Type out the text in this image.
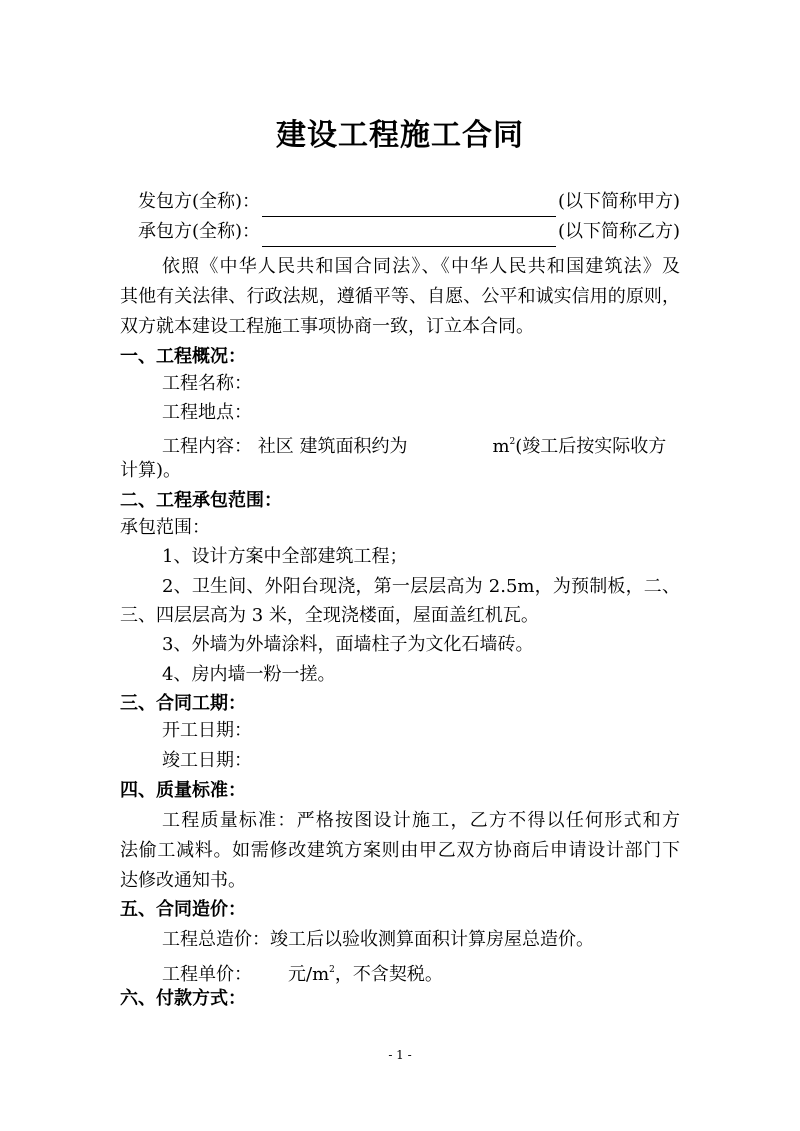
建设工程施工合同
发包方(全称)：	(以下简称甲方)
承包方(全称)：	(以下简称乙方)
依照《中华人民共和国合同法》、《中华人民共和国建筑法》及
其他有关法律、行政法规，遵循平等、自愿、公平和诚实信用的原则，
双方就本建设工程施工事项协商一致，订立本合同。
一、工程概况：
工程名称：
工程地点：
工程内容： 社区 建筑面积约为	$m^2$(竣工后按实际收方
计算)。
二、工程承包范围：
承包范围：
1、设计方案中全部建筑工程；
2、卫生间、外阳台现浇，第一层层高为 2.5m，为预制板，二、
三、四层层高为 3 米，全现浇楼面，屋面盖红机瓦。
3、外墙为外墙涂料，面墙柱子为文化石墙砖。
4、房内墙一粉一搓。
三、合同工期：
开工日期：
竣工日期：
四、质量标准：
工程质量标准：严格按图设计施工，乙方不得以任何形式和方
法偷工减料。如需修改建筑方案则由甲乙双方协商后申请设计部门下
达修改通知书。
五、合同造价：
工程总造价：竣工后以验收测算面积计算房屋总造价。
工程单价： 元$/m^2$，不含契税。
六、付款方式：
- 1 -
